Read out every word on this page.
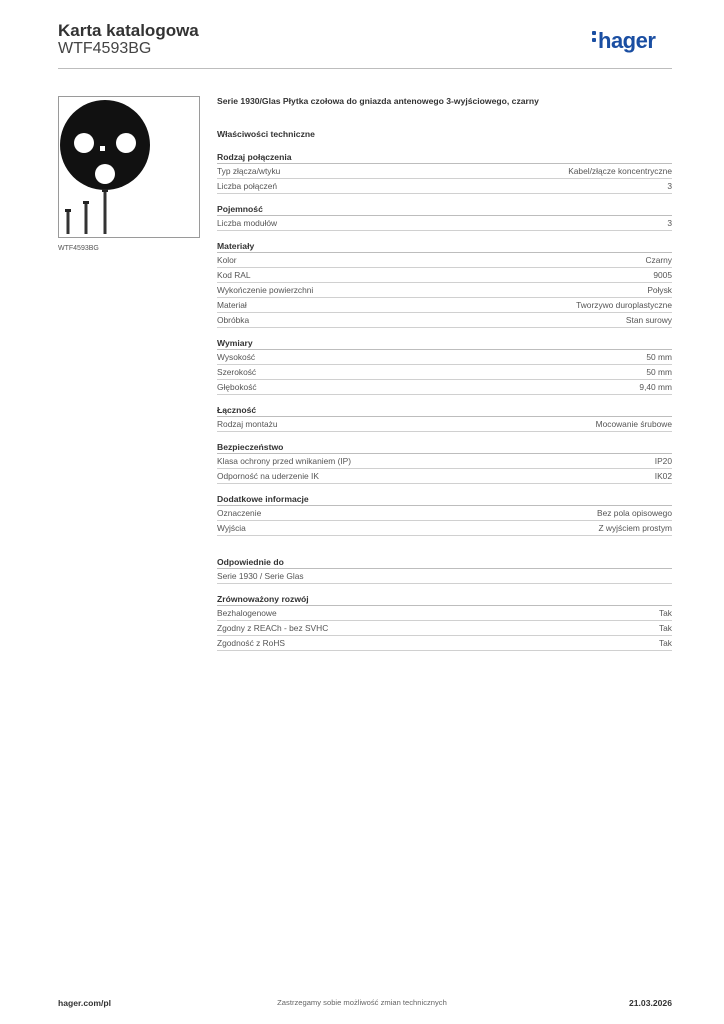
Karta katalogowa
WTF4593BG	hager
WTF4593BG
Serie 1930/Glas Płytka czołowa do gniazda antenowego 3-wyjściowego, czarny
Właściwości techniczne
Rodzaj połączenia
Typ złącza/wtyku	Kabel/złącze koncentryczne
Liczba połączeń	3
Pojemność
Liczba modułów	3
Materiały
Kolor	Czarny
Kod RAL	9005
Wykończenie powierzchni	Połysk
Materiał	Tworzywo duroplastyczne
Obróbka	Stan surowy
Wymiary
Wysokość	50 mm
Szerokość	50 mm
Głębokość	9,40 mm
Łączność
Rodzaj montażu	Mocowanie śrubowe
Bezpieczeństwo
Klasa ochrony przed wnikaniem (IP)	IP20
Odporność na uderzenie IK	IK02
Dodatkowe informacje
Oznaczenie	Bez pola opisowego
Wyjścia	Z wyjściem prostym
Odpowiednie do
Serie 1930 / Serie Glas
Zrównoważony rozwój
Bezhalogenowe	Tak
Zgodny z REACh - bez SVHC	Tak
Zgodność z RoHS	Tak
hager.com/pl	Zastrzegamy sobie możliwość zmian technicznych	21.03.2026
